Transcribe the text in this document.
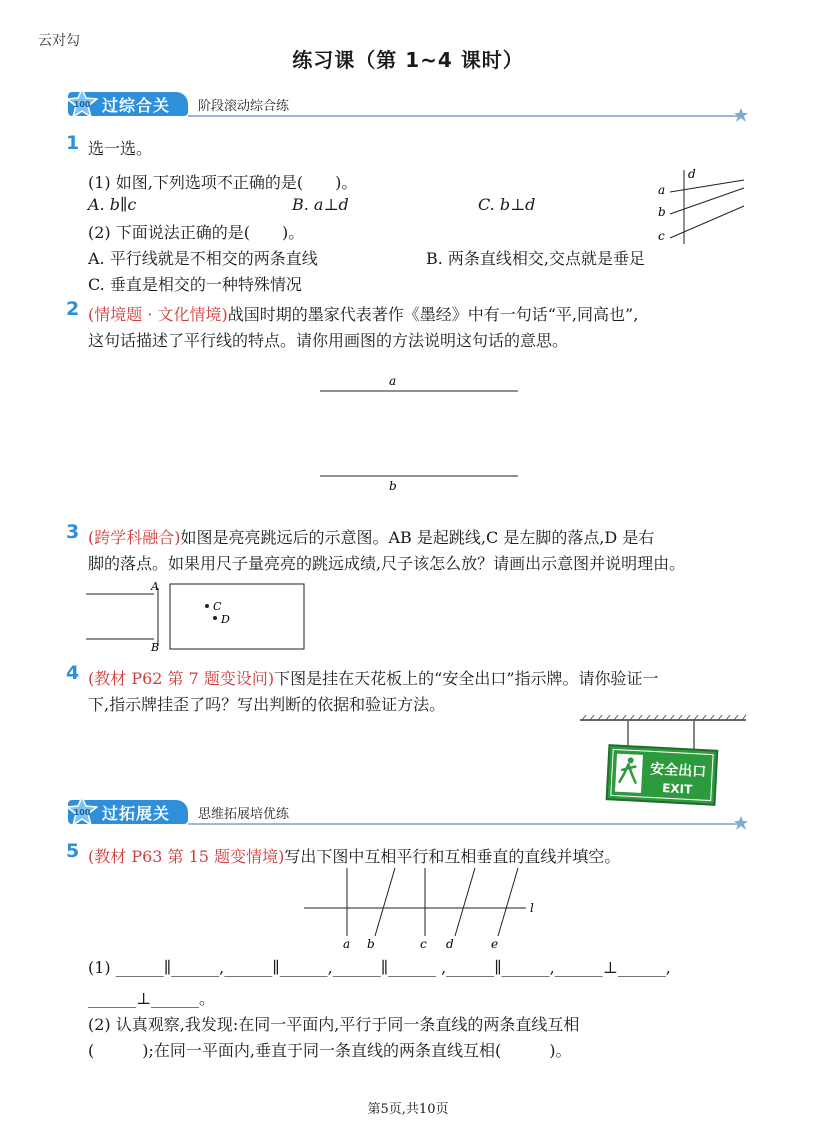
云对勾
练习课（第 1~4 课时）
100 过综合关 阶段滚动综合练
1 选一选。
(1) 如图,下列选项不正确的是(　　)。
A. b∥c	B. a⊥d	C. b⊥d
(2) 下面说法正确的是(　　)。
A. 平行线就是不相交的两条直线	B. 两条直线相交,交点就是垂足
C. 垂直是相交的一种特殊情况
a
b
c
d
2 (情境题 · 文化情境)战国时期的墨家代表著作《墨经》中有一句话“平,同高也”,
这句话描述了平行线的特点。请你用画图的方法说明这句话的意思。
a
b
3 (跨学科融合)如图是亮亮跳远后的示意图。AB 是起跳线,C 是左脚的落点,D 是右
脚的落点。如果用尺子量亮亮的跳远成绩,尺子该怎么放？请画出示意图并说明理由。
A
B
C
D
4 (教材 P62 第 7 题变设问)下图是挂在天花板上的“安全出口”指示牌。请你验证一
下,指示牌挂歪了吗？写出判断的依据和验证方法。
安全出口
EXIT
100 过拓展关 思维拓展培优练
5 (教材 P63 第 15 题变情境)写出下图中互相平行和互相垂直的直线并填空。
a b	c d	e
l
(1) ______∥______,______∥______,______∥______ ,______∥______,______⊥______,
______⊥______。
(2) 认真观察,我发现:在同一平面内,平行于同一条直线的两条直线互相
(　　　);在同一平面内,垂直于同一条直线的两条直线互相(　　　)。
第5页,共10页
